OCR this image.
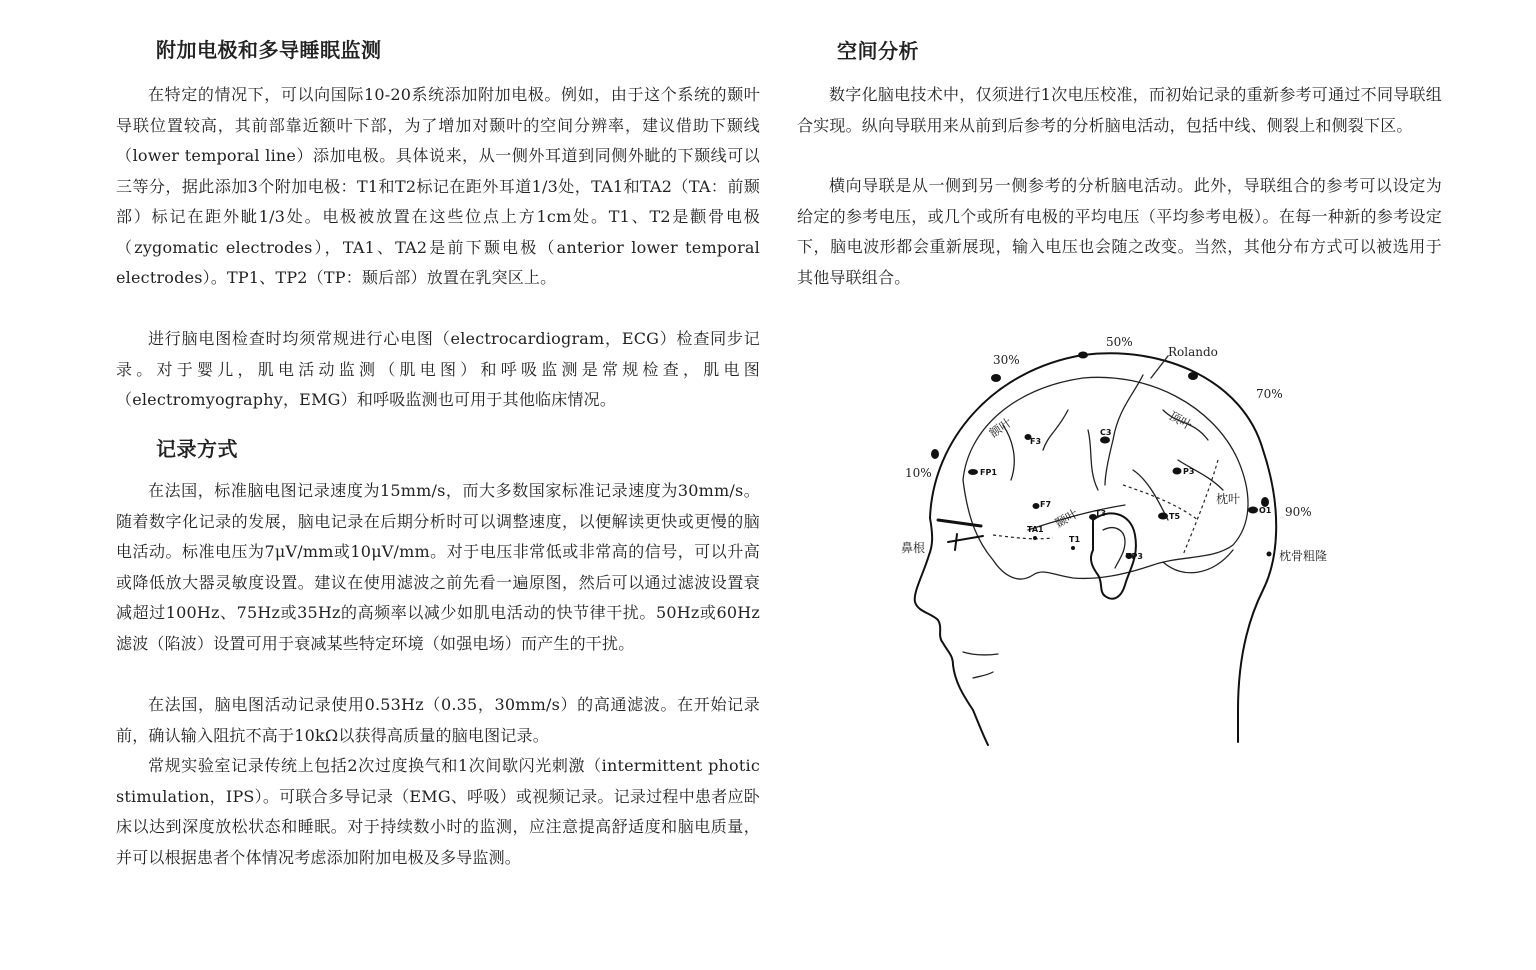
附加电极和多导睡眠监测

在特定的情况下，可以向国际10-20系统添加附加电极。例如，由于这个系统的颞叶导联位置较高，其前部靠近额叶下部，为了增加对颞叶的空间分辨率，建议借助下颞线（lower temporal line）添加电极。具体说来，从一侧外耳道到同侧外眦的下颞线可以三等分，据此添加3个附加电极：T1和T2标记在距外耳道1/3处，TA1和TA2（TA：前颞部）标记在距外眦1/3处。电极被放置在这些位点上方1cm处。T1、T2是颧骨电极（zygomatic electrodes），TA1、TA2是前下颞电极（anterior lower temporal electrodes）。TP1、TP2（TP：颞后部）放置在乳突区上。

进行脑电图检查时均须常规进行心电图（electrocardiogram，ECG）检查同步记录。对于婴儿，肌电活动监测（肌电图）和呼吸监测是常规检查，肌电图（electromyography，EMG）和呼吸监测也可用于其他临床情况。

记录方式

在法国，标准脑电图记录速度为15mm/s，而大多数国家标准记录速度为30mm/s。随着数字化记录的发展，脑电记录在后期分析时可以调整速度，以便解读更快或更慢的脑电活动。标准电压为7μV/mm或10μV/mm。对于电压非常低或非常高的信号，可以升高或降低放大器灵敏度设置。建议在使用滤波之前先看一遍原图，然后可以通过滤波设置衰减超过100Hz、75Hz或35Hz的高频率以减少如肌电活动的快节律干扰。50Hz或60Hz滤波（陷波）设置可用于衰减某些特定环境（如强电场）而产生的干扰。

在法国，脑电图活动记录使用0.53Hz（0.35，30mm/s）的高通滤波。在开始记录前，确认输入阻抗不高于10kΩ以获得高质量的脑电图记录。

常规实验室记录传统上包括2次过度换气和1次间歇闪光刺激（intermittent photic stimulation，IPS）。可联合多导记录（EMG、呼吸）或视频记录。记录过程中患者应卧床以达到深度放松状态和睡眠。对于持续数小时的监测，应注意提高舒适度和脑电质量，并可以根据患者个体情况考虑添加附加电极及多导监测。

空间分析

数字化脑电技术中，仅须进行1次电压校准，而初始记录的重新参考可通过不同导联组合实现。纵向导联用来从前到后参考的分析脑电活动，包括中线、侧裂上和侧裂下区。

横向导联是从一侧到另一侧参考的分析脑电活动。此外，导联组合的参考可以设定为给定的参考电压，或几个或所有电极的平均电压（平均参考电极）。在每一种新的参考设定下，脑电波形都会重新展现，输入电压也会随之改变。当然，其他分布方式可以被选用于其他导联组合。

10%
30%
50%
70%
90%
Rolando
鼻根
枕骨粗隆
额叶	顶叶
颞叶
枕叶
FP1
F3
C3
P3
F7
T3	T5
O1
TA1
T1
TP3
